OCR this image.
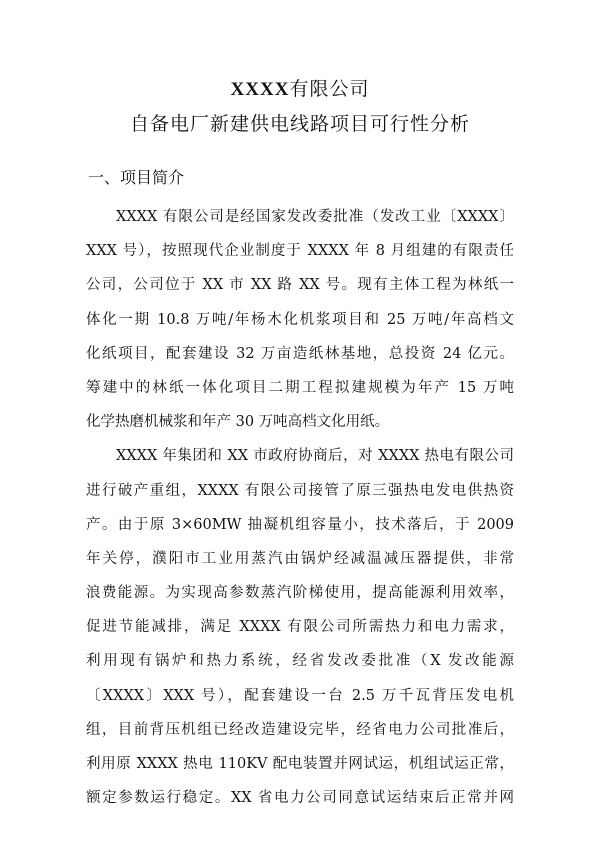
XXXX有限公司
自备电厂新建供电线路项目可行性分析
一、项目简介
XXXX 有限公司是经国家发改委批准（发改工业〔XXXX〕
XXX 号），按照现代企业制度于 XXXX 年 8 月组建的有限责任
公司，公司位于 XX 市 XX 路 XX 号。现有主体工程为林纸一
体化一期 10.8 万吨/年杨木化机浆项目和 25 万吨/年高档文
化纸项目，配套建设 32 万亩造纸林基地，总投资 24 亿元。
筹建中的林纸一体化项目二期工程拟建规模为年产 15 万吨
化学热磨机械浆和年产 30 万吨高档文化用纸。
XXXX 年集团和 XX 市政府协商后，对 XXXX 热电有限公司
进行破产重组，XXXX 有限公司接管了原三强热电发电供热资
产。由于原 3×60MW 抽凝机组容量小，技术落后，于 2009
年关停，濮阳市工业用蒸汽由锅炉经减温减压器提供，非常
浪费能源。为实现高参数蒸汽阶梯使用，提高能源利用效率，
促进节能减排，满足 XXXX 有限公司所需热力和电力需求，
利用现有锅炉和热力系统，经省发改委批准（X 发改能源
〔XXXX〕XXX 号），配套建设一台 2.5 万千瓦背压发电机
组，目前背压机组已经改造建设完毕，经省电力公司批准后，
利用原 XXXX 热电 110KV 配电装置并网试运，机组试运正常，
额定参数运行稳定。XX 省电力公司同意试运结束后正常并网
